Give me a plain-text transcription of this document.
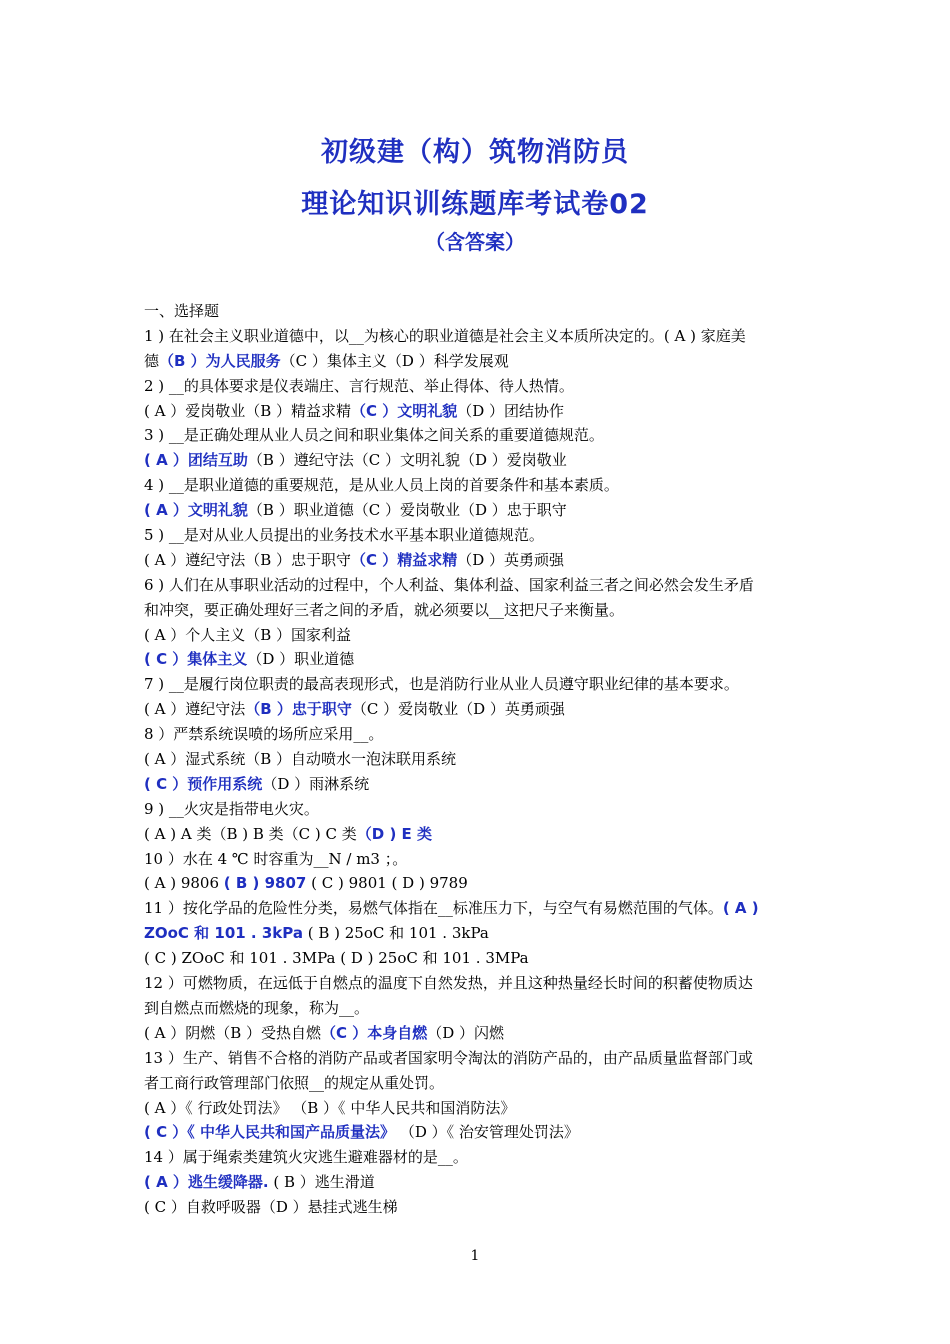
初级建（构）筑物消防员
理论知识训练题库考试卷02
（含答案）
一、选择题
1 ) 在社会主义职业道德中，以__为核心的职业道德是社会主义本质所决定的。( A ) 家庭美
德（B ）为人民服务（C ）集体主义（D ）科学发展观
2 ) __的具体要求是仪表端庄、言行规范、举止得体、待人热情。
( A ）爱岗敬业（B ）精益求精（C ）文明礼貌（D ）团结协作
3 ) __是正确处理从业人员之间和职业集体之间关系的重要道德规范。
( A ）团结互助（B ）遵纪守法（C ）文明礼貌（D ）爱岗敬业
4 ) __是职业道德的重要规范，是从业人员上岗的首要条件和基本素质。
( A ）文明礼貌（B ）职业道德（C ）爱岗敬业（D ）忠于职守
5 ) __是对从业人员提出的业务技术水平基本职业道德规范。
( A ）遵纪守法（B ）忠于职守（C ）精益求精（D ）英勇顽强
6 ) 人们在从事职业活动的过程中，个人利益、集体利益、国家利益三者之间必然会发生矛盾
和冲突，要正确处理好三者之间的矛盾，就必须要以__这把尺子来衡量。
( A ）个人主义（B ）国家利益
( C ）集体主义（D ）职业道德
7 ) __是履行岗位职责的最高表现形式，也是消防行业从业人员遵守职业纪律的基本要求。
( A ）遵纪守法（B ）忠于职守（C ）爱岗敬业（D ）英勇顽强
8 ）严禁系统误喷的场所应采用__。
( A ）湿式系统（B ）自动喷水一泡沫联用系统
( C ）预作用系统（D ）雨淋系统
9 ) __火灾是指带电火灾。
( A ) A 类（B ) B 类（C ) C 类（D ) E 类
10 ）水在 4 ℃ 时容重为__N / m3 ；。
( A ) 9806 ( B ) 9807 ( C ) 9801 ( D ) 9789
11 ）按化学品的危险性分类，易燃气体指在__标准压力下，与空气有易燃范围的气体。( A )
ZOoC 和 101 . 3kPa ( B ) 25oC 和 101 . 3kPa
( C ) ZOoC 和 101 . 3MPa ( D ) 25oC 和 101 . 3MPa
12 ）可燃物质，在远低于自燃点的温度下自然发热，并且这种热量经长时间的积蓄使物质达
到自燃点而燃烧的现象，称为__。
( A ）阴燃（B ）受热自燃（C ）本身自燃（D ）闪燃
13 ）生产、销售不合格的消防产品或者国家明令淘汰的消防产品的，由产品质量监督部门或
者工商行政管理部门依照__的规定从重处罚。
( A ）《 行政处罚法》 （B ）《 中华人民共和国消防法》
( C ）《 中华人民共和国产品质量法》 （D ）《 治安管理处罚法》
14 ）属于绳索类建筑火灾逃生避难器材的是__。
( A ）逃生缓降器. ( B ）逃生滑道
( C ）自救呼吸器（D ）悬挂式逃生梯
1
